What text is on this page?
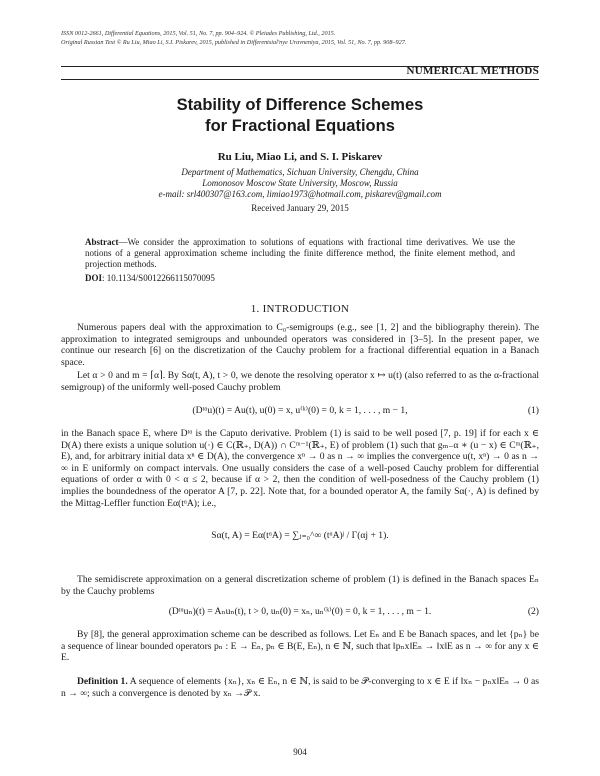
ISSN 0012-2661, Differential Equations, 2015, Vol. 51, No. 7, pp. 904–924. © Pleiades Publishing, Ltd., 2015.
Original Russian Text © Ru Liu, Miao Li, S.I. Piskarev, 2015, published in Differentsial'nye Uravneniya, 2015, Vol. 51, No. 7, pp. 908–927.
NUMERICAL METHODS
Stability of Difference Schemes
for Fractional Equations
Ru Liu, Miao Li, and S. I. Piskarev
Department of Mathematics, Sichuan University, Chengdu, China
Lomonosov Moscow State University, Moscow, Russia
e-mail: srl400307@163.com, limiao1973@hotmail.com, piskarev@gmail.com
Received January 29, 2015
Abstract—We consider the approximation to solutions of equations with fractional time derivatives. We use the notions of a general approximation scheme including the finite difference method, the finite element method, and projection methods.
DOI: 10.1134/S0012266115070095
1. INTRODUCTION
Numerous papers deal with the approximation to C₀-semigroups (e.g., see [1, 2] and the bibliography therein). The approximation to integrated semigroups and unbounded operators was considered in [3–5]. In the present paper, we continue our research [6] on the discretization of the Cauchy problem for a fractional differential equation in a Banach space.
Let α > 0 and m = ⌈α⌉. By Sα(t, A), t > 0, we denote the resolving operator x ↦ u(t) (also referred to as the α-fractional semigroup) of the uniformly well-posed Cauchy problem
(Dᵗᵅu)(t) = Au(t), u(0) = x, u⁽ᵏ⁾(0) = 0, k = 1, . . . , m − 1,	(1)
in the Banach space E, where Dᵗᵅ is the Caputo derivative. Problem (1) is said to be well posed [7, p. 19] if for each x ∈ D(A) there exists a unique solution u(·) ∈ C(ℝ₊, D(A)) ∩ Cᵐ⁻¹(ℝ₊, E) of problem (1) such that gₘ₋α ∗ (u − x) ∈ Cᵐ(ℝ₊, E), and, for arbitrary initial data xⁿ ∈ D(A), the convergence xⁿ → 0 as n → ∞ implies the convergence u(t, xⁿ) → 0 as n → ∞ in E uniformly on compact intervals. One usually considers the case of a well-posed Cauchy problem for differential equations of order α with 0 < α ≤ 2, because if α > 2, then the condition of well-posedness of the Cauchy problem (1) implies the boundedness of the operator A [7, p. 22]. Note that, for a bounded operator A, the family Sα(·, A) is defined by the Mittag-Leffler function Eα(tᵅA); i.e.,
Sα(t, A) = Eα(tᵅA) = ∑ⱼ₌₀^∞ (tᵅA)ʲ / Γ(αj + 1).
The semidiscrete approximation on a general discretization scheme of problem (1) is defined in the Banach spaces Eₙ by the Cauchy problems
(Dᵗᵅuₙ)(t) = Aₙuₙ(t), t > 0, uₙ(0) = xₙ, uₙ⁽ᵏ⁾(0) = 0, k = 1, . . . , m − 1.	(2)
By [8], the general approximation scheme can be described as follows. Let Eₙ and E be Banach spaces, and let {pₙ} be a sequence of linear bounded operators pₙ : E → Eₙ, pₙ ∈ B(E, Eₙ), n ∈ ℕ, such that ‖pₙx‖Eₙ → ‖x‖E as n → ∞ for any x ∈ E.
Definition 1. A sequence of elements {xₙ}, xₙ ∈ Eₙ, n ∈ ℕ, is said to be 𝒫-converging to x ∈ E if ‖xₙ − pₙx‖Eₙ → 0 as n → ∞; such a convergence is denoted by xₙ →𝒫 x.
904
